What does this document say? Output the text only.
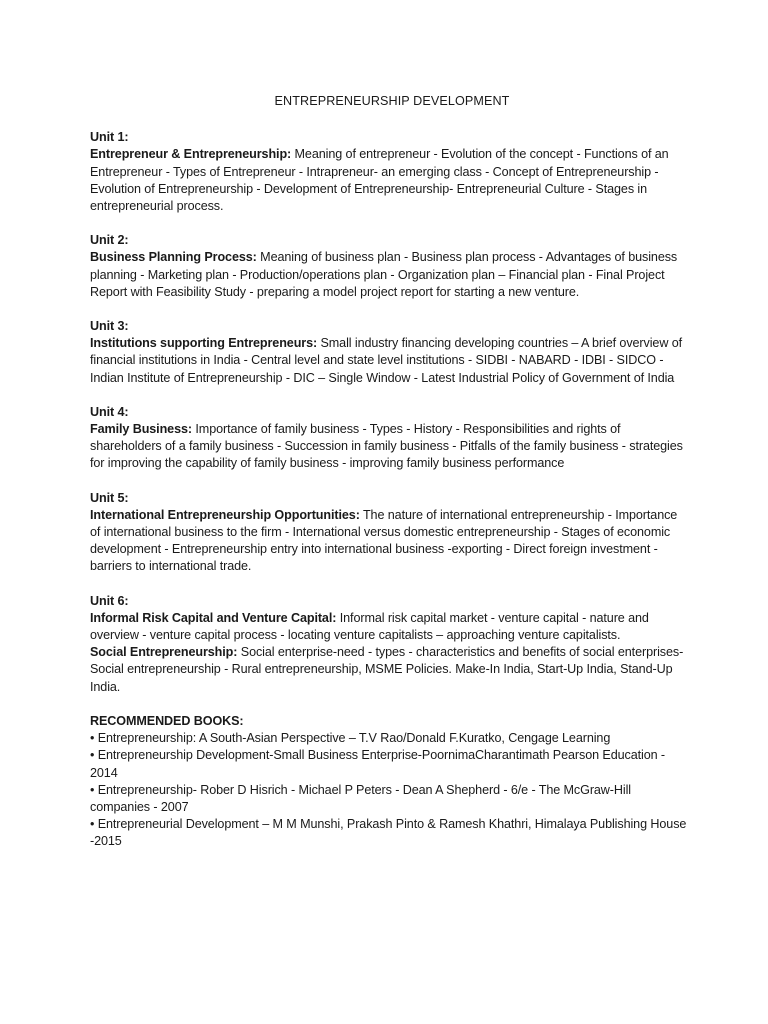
ENTREPRENEURSHIP DEVELOPMENT
Unit 1:
Entrepreneur & Entrepreneurship: Meaning of entrepreneur - Evolution of the concept - Functions of an Entrepreneur - Types of Entrepreneur - Intrapreneur- an emerging class - Concept of Entrepreneurship - Evolution of Entrepreneurship - Development of Entrepreneurship- Entrepreneurial Culture - Stages in entrepreneurial process.
Unit 2:
Business Planning Process: Meaning of business plan - Business plan process - Advantages of business planning - Marketing plan - Production/operations plan - Organization plan – Financial plan - Final Project Report with Feasibility Study - preparing a model project report for starting a new venture.
Unit 3:
Institutions supporting Entrepreneurs: Small industry financing developing countries – A brief overview of financial institutions in India - Central level and state level institutions - SIDBI - NABARD - IDBI - SIDCO - Indian Institute of Entrepreneurship - DIC – Single Window - Latest Industrial Policy of Government of India
Unit 4:
Family Business: Importance of family business - Types - History - Responsibilities and rights of shareholders of a family business - Succession in family business - Pitfalls of the family business - strategies for improving the capability of family business - improving family business performance
Unit 5:
International Entrepreneurship Opportunities: The nature of international entrepreneurship - Importance of international business to the firm - International versus domestic entrepreneurship - Stages of economic development - Entrepreneurship entry into international business -exporting - Direct foreign investment - barriers to international trade.
Unit 6:
Informal Risk Capital and Venture Capital: Informal risk capital market - venture capital - nature and overview - venture capital process - locating venture capitalists – approaching venture capitalists.
Social Entrepreneurship: Social enterprise-need - types - characteristics and benefits of social enterprises-Social entrepreneurship - Rural entrepreneurship, MSME Policies. Make-In India, Start-Up India, Stand-Up India.
RECOMMENDED BOOKS:
• Entrepreneurship: A South-Asian Perspective – T.V Rao/Donald F.Kuratko, Cengage Learning
• Entrepreneurship Development-Small Business Enterprise-PoornimaCharantimath Pearson Education - 2014
• Entrepreneurship- Rober D Hisrich - Michael P Peters - Dean A Shepherd - 6/e - The McGraw-Hill companies - 2007
• Entrepreneurial Development – M M Munshi, Prakash Pinto & Ramesh Khathri, Himalaya Publishing House -2015
